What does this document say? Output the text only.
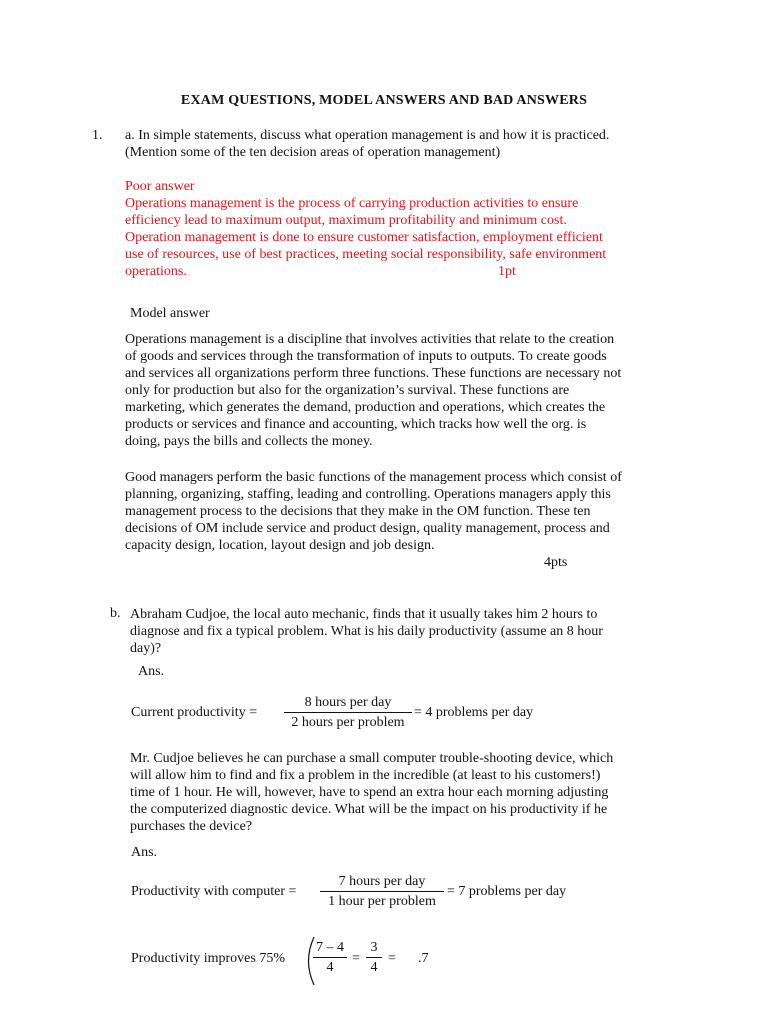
EXAM QUESTIONS, MODEL ANSWERS AND BAD ANSWERS
1. a. In simple statements, discuss what operation management is and how it is practiced.
(Mention some of the ten decision areas of operation management)
Poor answer
Operations management is the process of carrying production activities to ensure
efficiency lead to maximum output, maximum profitability and minimum cost.
Operation management is done to ensure customer satisfaction, employment efficient
use of resources, use of best practices, meeting social responsibility, safe environment
operations.	1pt
Model answer
Operations management is a discipline that involves activities that relate to the creation
of goods and services through the transformation of inputs to outputs. To create goods
and services all organizations perform three functions. These functions are necessary not
only for production but also for the organization’s survival. These functions are
marketing, which generates the demand, production and operations, which creates the
products or services and finance and accounting, which tracks how well the org. is
doing, pays the bills and collects the money.
Good managers perform the basic functions of the management process which consist of
planning, organizing, staffing, leading and controlling. Operations managers apply this
management process to the decisions that they make in the OM function. These ten
decisions of OM include service and product design, quality management, process and
capacity design, location, layout design and job design.
4pts
b. Abraham Cudjoe, the local auto mechanic, finds that it usually takes him 2 hours to
diagnose and fix a typical problem. What is his daily productivity (assume an 8 hour
day)?
Ans.
Current productivity =
8 hours per day
2 hours per problem
= 4 problems per day
Mr. Cudjoe believes he can purchase a small computer trouble-shooting device, which
will allow him to find and fix a problem in the incredible (at least to his customers!)
time of 1 hour. He will, however, have to spend an extra hour each morning adjusting
the computerized diagnostic device. What will be the impact on his productivity if he
purchases the device?
Ans.
Productivity with computer =
7 hours per day
1 hour per problem
= 7 problems per day
Productivity improves 75%
7 – 4
4
=
3
4
= .7
